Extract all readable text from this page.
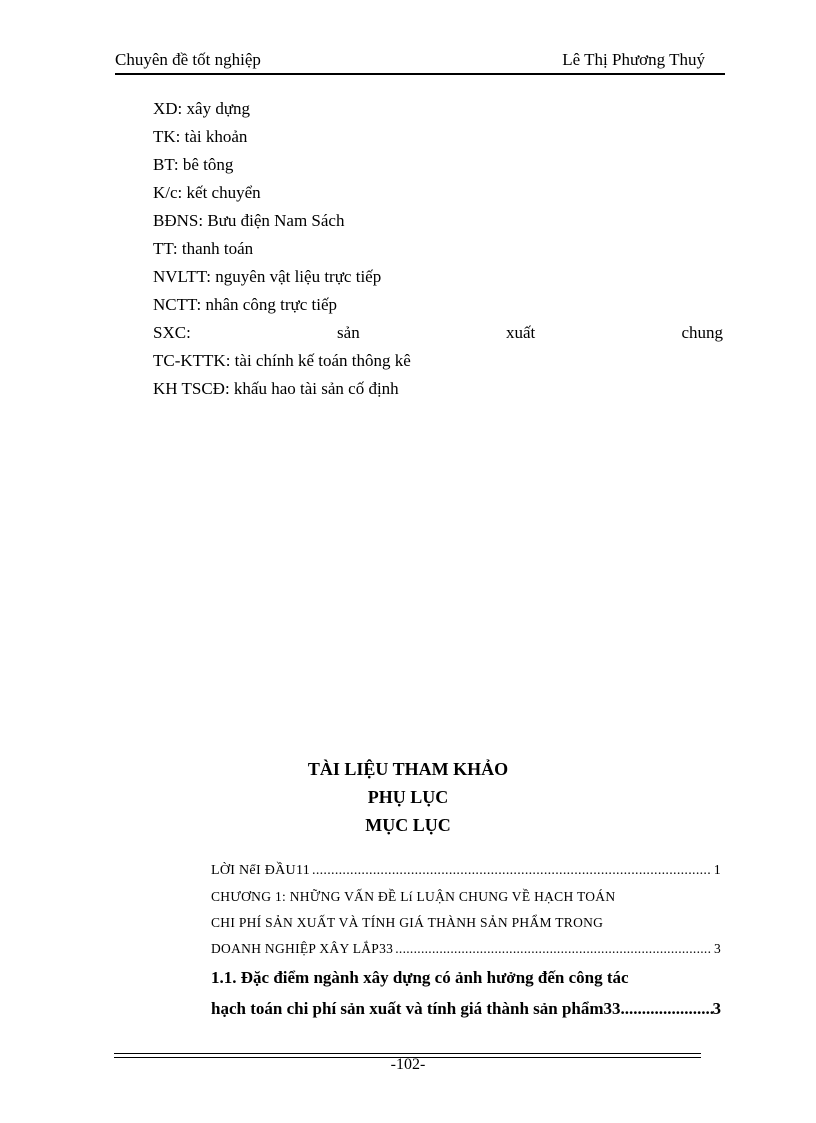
Chuyên đề tốt nghiệp	Lê Thị Phương Thuý
XD: xây dựng
TK: tài khoản
BT: bê tông
K/c: kết chuyển
BĐNS: Bưu điện Nam Sách
TT: thanh toán
NVLTT: nguyên vật liệu trực tiếp
NCTT: nhân công trực tiếp
SXC:	sản	xuất	chung
TC-KTTK: tài chính kế toán thông kê
KH TSCĐ: khấu hao tài sản cố định
TÀI LIỆU THAM KHẢO
PHỤ LỤC
MỤC LỤC
LỜI NểI ĐẦU11 .....	1
CHƯƠNG 1: NHỮNG VẤN ĐỀ Lí LUẬN CHUNG VỀ HẠCH TOÁN
CHI PHÍ SẢN XUẤT VÀ TÍNH GIÁ THÀNH SẢN PHẨM TRONG
DOANH NGHIỆP XÂY LẮP33 .....	3
1.1. Đặc điểm ngành xây dựng có ảnh hưởng đến công tác
hạch toán chi phí sản xuất và tính giá thành sản phẩm33 .....	3
-102-
